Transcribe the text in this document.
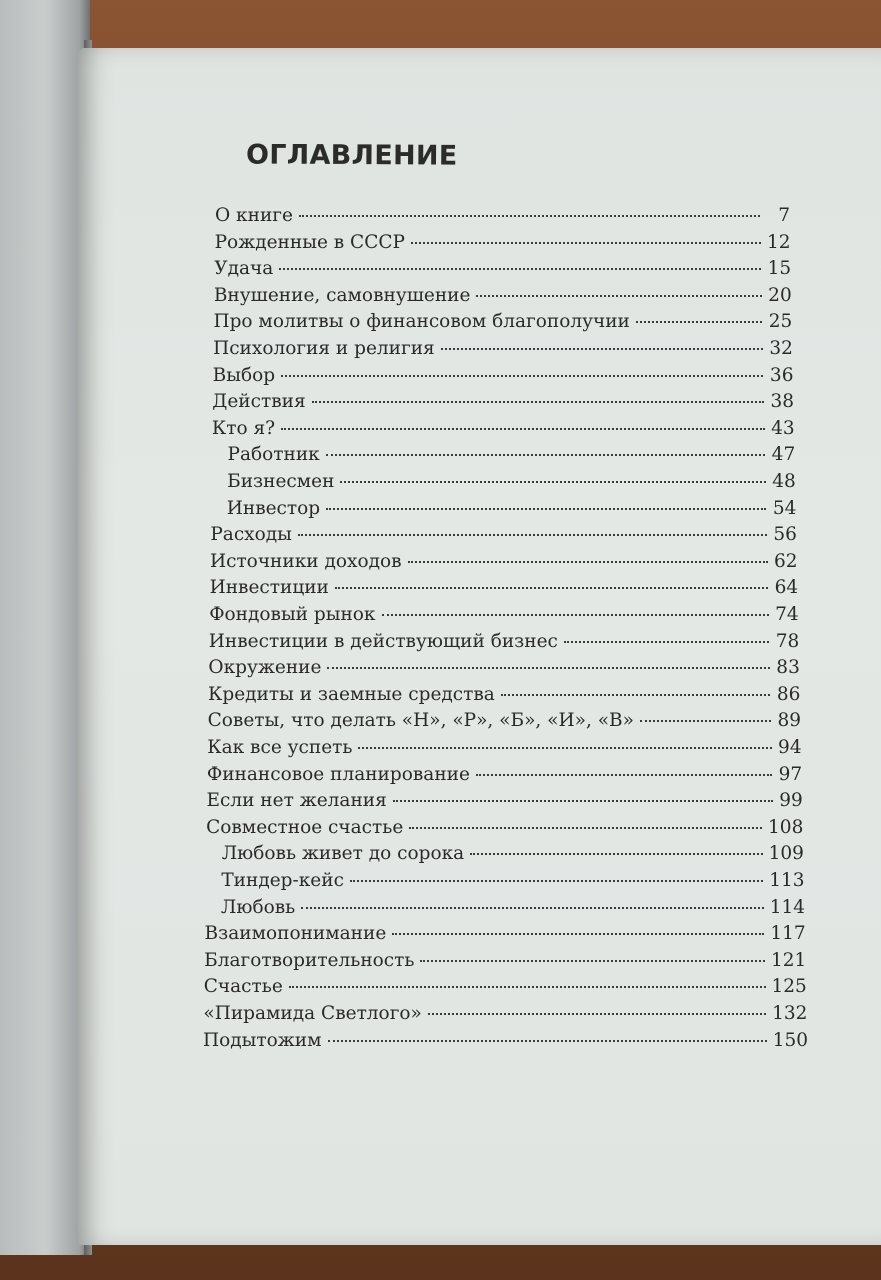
ОГЛАВЛЕНИЕ
О книге	7
Рожденные в СССР	12
Удача	15
Внушение, самовнушение	20
Про молитвы о финансовом благополучии	25
Психология и религия	32
Выбор	36
Действия	38
Кто я?	43
Работник	47
Бизнесмен	48
Инвестор	54
Расходы	56
Источники доходов	62
Инвестиции	64
Фондовый рынок	74
Инвестиции в действующий бизнес	78
Окружение	83
Кредиты и заемные средства	86
Советы, что делать «Н», «Р», «Б», «И», «В»	89
Как все успеть	94
Финансовое планирование	97
Если нет желания	99
Совместное счастье	108
Любовь живет до сорока	109
Тиндер-кейс	113
Любовь	114
Взаимопонимание	117
Благотворительность	121
Счастье	125
«Пирамида Светлого»	132
Подытожим	150
